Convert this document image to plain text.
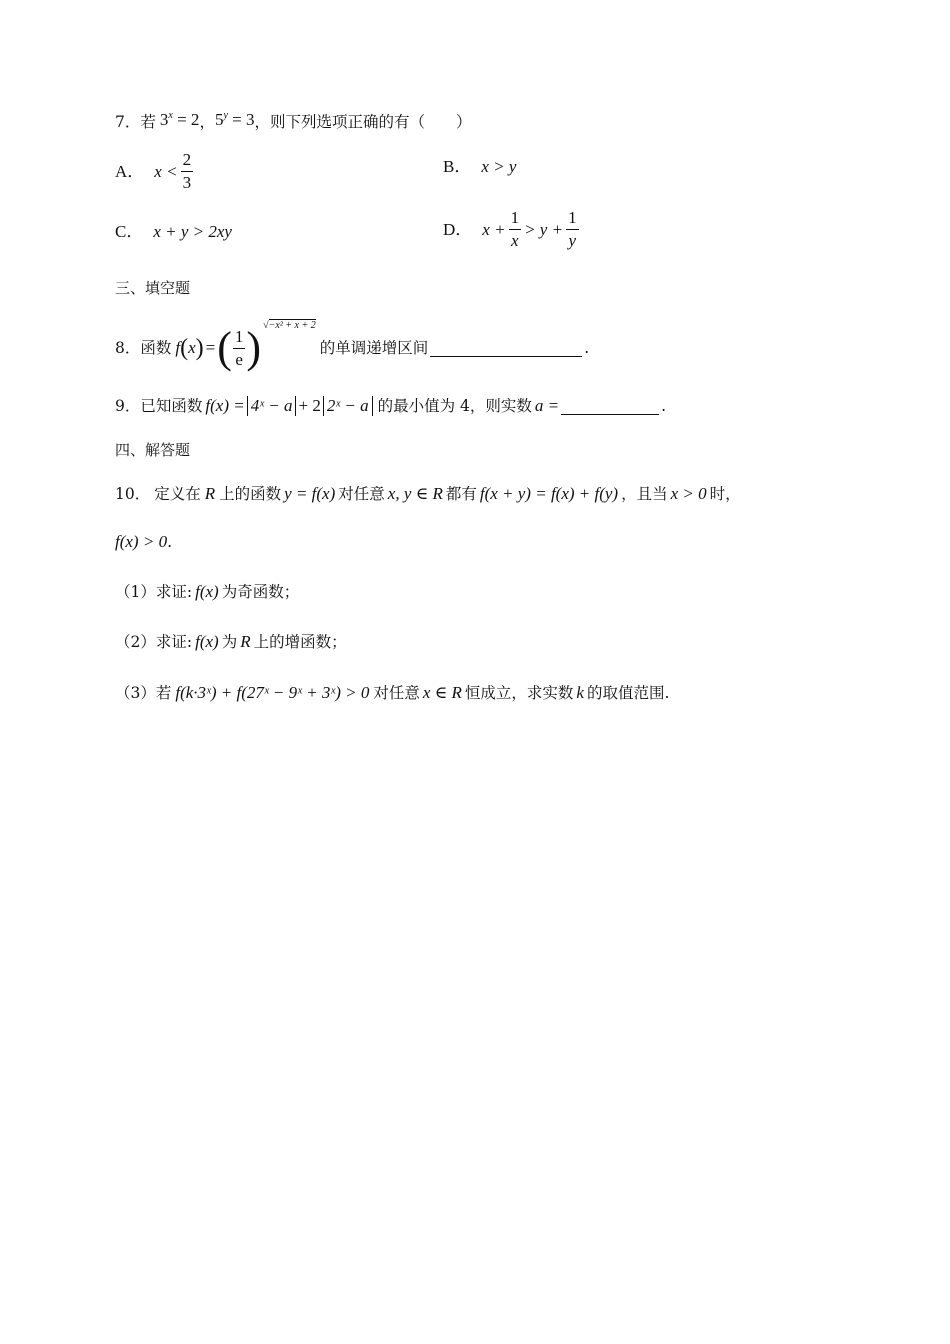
7． 若 $3^x = 2$ ， $5^y = 3$ ，则下列选项正确的有（　　）
A． $x < \frac{2}{3}$	B． x > y
C． x + y > 2xy	D． $x + \frac{1}{x} > y + \frac{1}{y}$
三、填空题
8． 函数 f ( x ) = ( $\frac{1}{e}$ ) √−x² + x + 2
的单调递增区间	.
9． 已知函数 f(x) = 4ˣ − a + 2 2ˣ − a 的最小值为 4，则实数 a =	.
四、解答题
10． 定义在 R 上的函数 y = f(x) 对任意 x, y ∈ R 都有 f(x + y) = f(x) + f(y) ，且当 x > 0 时，
f(x) > 0 .
（1）求证: f(x) 为奇函数；
（2）求证: f(x) 为 R 上的增函数；
（3）若 f(k·3ˣ) + f(27ˣ − 9ˣ + 3ˣ) > 0 对任意 x ∈ R 恒成立，求实数 k 的取值范围.
